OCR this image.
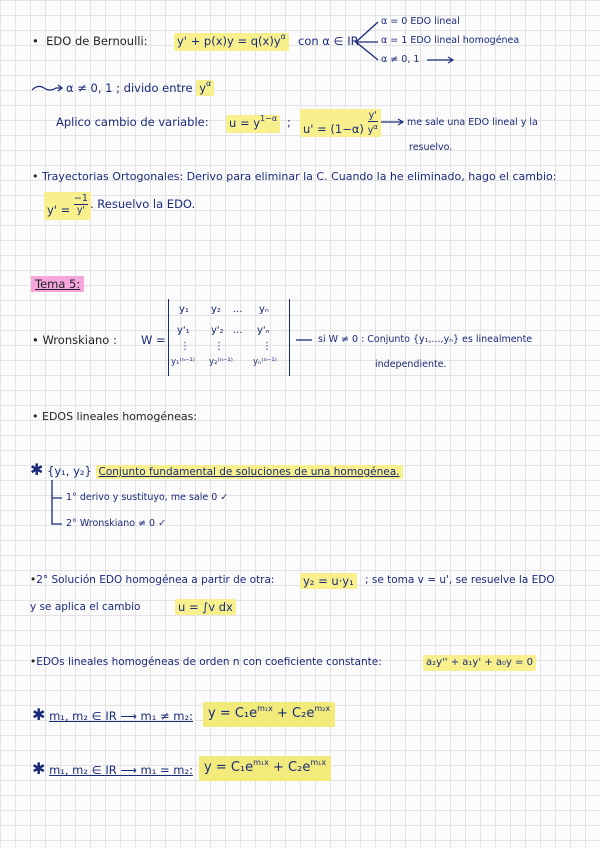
• EDO de Bernoulli:	$y' + p(x)y = q(x)y^\alpha$ con α ∈ IR
α = 0 EDO lineal
α = 1 EDO lineal homogénea
α ≠ 0, 1
α ≠ 0, 1 ; divido entre $y^\alpha$
Aplico cambio de variable: $u = y^{1-\alpha}$ ; $u' = (1-\alpha) \frac{y'}{y^\alpha}$	me sale una EDO lineal y la
resuelvo.
• Trayectorias Ortogonales: Derivo para eliminar la C. Cuando la he eliminado, hago el cambio:
$y' = \frac{-1}{y'}$ . Resuelvo la EDO.
Tema 5:
• Wronskiano : W =
y₁ y₂ ... yₙ
y'₁ y'₂ ... y'ₙ
⋮ ⋮	⋮
y₁⁽ⁿ⁻¹⁾ y₂⁽ⁿ⁻¹⁾ yₙ⁽ⁿ⁻¹⁾
si W ≠ 0 : Conjunto {y₁,...,yₙ} es linealmente
independiente.
• EDOS lineales homogéneas:
✱ {y₁, y₂} Conjunto fundamental de soluciones de una homogénea.
1° derivo y sustituyo, me sale 0 ✓
2° Wronskiano ≠ 0 ✓
•2° Solución EDO homogénea a partir de otra: y₂ = u·y₁ ; se toma v = u', se resuelve la EDO
y se aplica el cambio	u = ∫v dx
•EDOs lineales homogéneas de orden n con coeficiente constante:	a₂y'' + a₁y' + a₀y = 0
✱ m₁, m₂ ∈ IR ⟶ m₁ ≠ m₂:	$y = C_1e^{m_1x} + C_2e^{m_2x}$
✱ m₁, m₂ ∈ IR ⟶ m₁ = m₂: $y = C_1e^{m_1x} + C_2e^{m_1x}$
